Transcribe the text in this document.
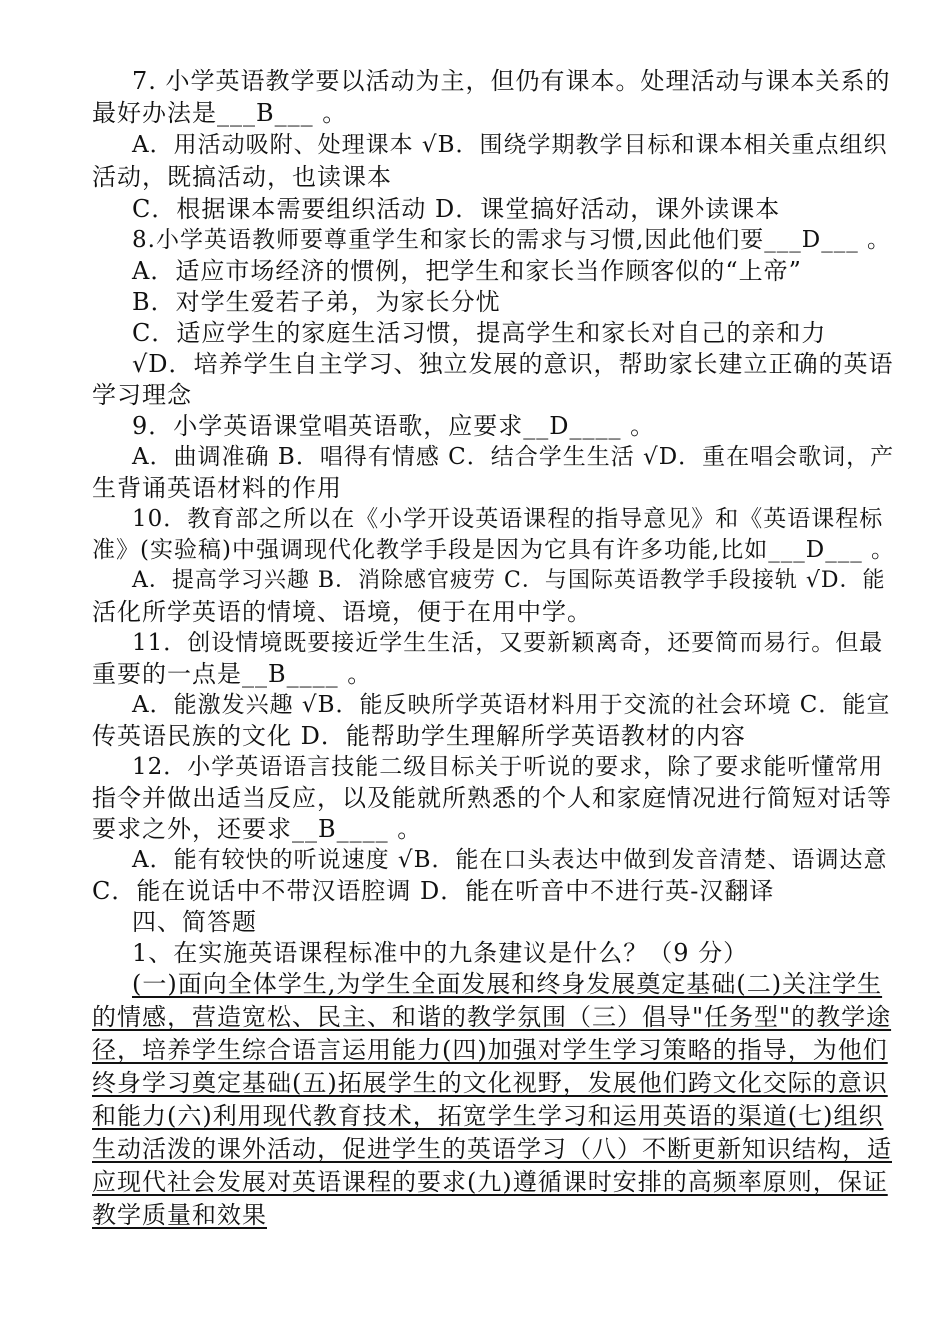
7. 小学英语教学要以活动为主，但仍有课本。处理活动与课本关系的
最好办法是___B___ 。
A．用活动吸附、处理课本 √B．围绕学期教学目标和课本相关重点组织
活动，既搞活动，也读课本
C．根据课本需要组织活动 D．课堂搞好活动，课外读课本
8.小学英语教师要尊重学生和家长的需求与习惯,因此他们要___D___ 。
A．适应市场经济的惯例，把学生和家长当作顾客似的“上帝”
B．对学生爱若子弟，为家长分忧
C．适应学生的家庭生活习惯，提高学生和家长对自己的亲和力
√D．培养学生自主学习、独立发展的意识，帮助家长建立正确的英语
学习理念
9．小学英语课堂唱英语歌，应要求__D____ 。
A．曲调准确 B．唱得有情感 C．结合学生生活 √D．重在唱会歌词，产
生背诵英语材料的作用
10．教育部之所以在《小学开设英语课程的指导意见》和《英语课程标
准》(实验稿)中强调现代化教学手段是因为它具有许多功能,比如___D___ 。
A．提高学习兴趣 B．消除感官疲劳 C．与国际英语教学手段接轨 √D．能
活化所学英语的情境、语境，便于在用中学。
11．创设情境既要接近学生生活，又要新颖离奇，还要简而易行。但最
重要的一点是__B____ 。
A．能激发兴趣 √B．能反映所学英语材料用于交流的社会环境 C．能宣
传英语民族的文化 D．能帮助学生理解所学英语教材的内容
12．小学英语语言技能二级目标关于听说的要求，除了要求能听懂常用
指令并做出适当反应，以及能就所熟悉的个人和家庭情况进行简短对话等
要求之外，还要求__B____ 。
A．能有较快的听说速度 √B．能在口头表达中做到发音清楚、语调达意
C．能在说话中不带汉语腔调 D．能在听音中不进行英-汉翻译
四、简答题
1、在实施英语课程标准中的九条建议是什么？（9 分）
(一)面向全体学生,为学生全面发展和终身发展奠定基础(二)关注学生
的情感，营造宽松、民主、和谐的教学氛围（三）倡导"任务型"的教学途
径，培养学生综合语言运用能力(四)加强对学生学习策略的指导，为他们
终身学习奠定基础(五)拓展学生的文化视野，发展他们跨文化交际的意识
和能力(六)利用现代教育技术，拓宽学生学习和运用英语的渠道(七)组织
生动活泼的课外活动，促进学生的英语学习（八）不断更新知识结构，适
应现代社会发展对英语课程的要求(九)遵循课时安排的高频率原则，保证
教学质量和效果
